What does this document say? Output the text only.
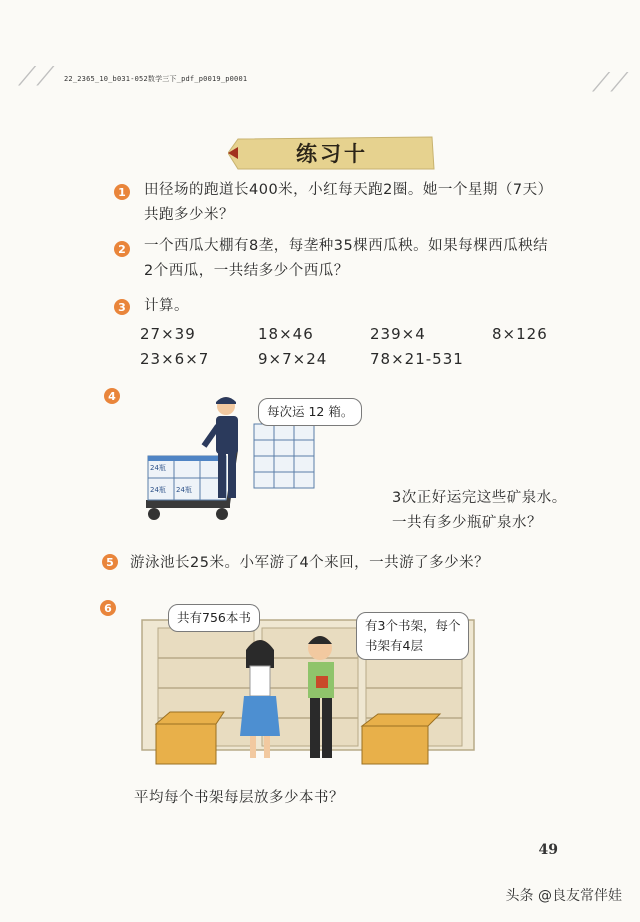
22_2365_10_b031-052数学三下_pdf_p0019_p0001
⟋⟋	⟋⟋
练习十
1 田径场的跑道长400米，小红每天跑2圈。她一个星期（7天）
共跑多少米？
2 一个西瓜大棚有8垄，每垄种35棵西瓜秧。如果每棵西瓜秧结
2个西瓜，一共结多少个西瓜？
3 计算。
27×39	18×46	239×4	8×126
23×6×7	9×7×24	78×21-531
4
24瓶
24瓶 24瓶
每次运 12 箱。
3次正好运完这些矿泉水。
一共有多少瓶矿泉水？
5 游泳池长25米。小军游了4个来回，一共游了多少米？
6
共有756本书
有3个书架，每个
书架有4层
平均每个书架每层放多少本书？
49
头条 @良友常伴娃
